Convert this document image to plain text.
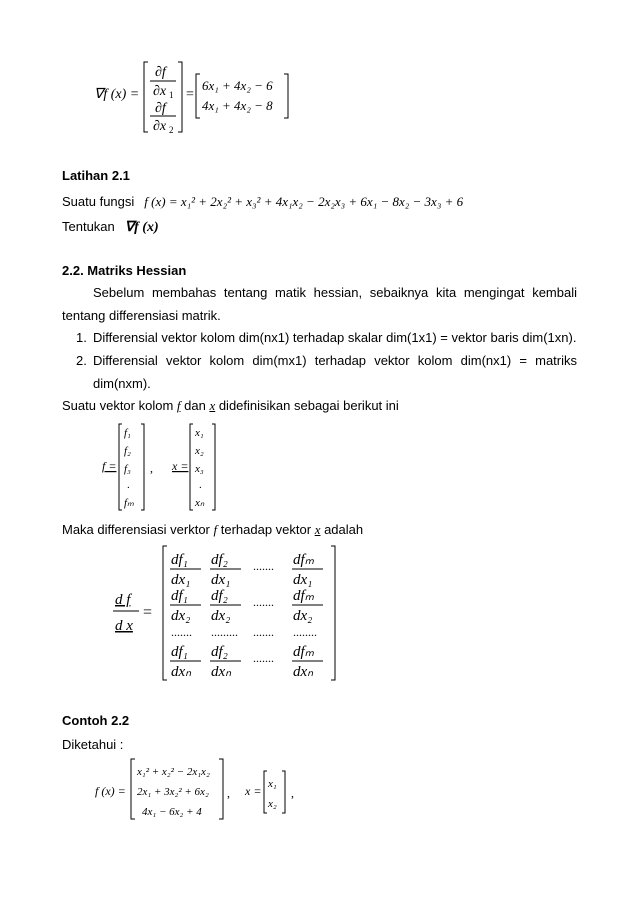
∇f (x) =
∂f
∂x 1
∂f
∂x 2
=
6x₁ + 4x₂ − 6
4x₁ + 4x₂ − 8
Latihan 2.1
Suatu fungsi f (x) = x₁² + 2x₂² + x₃² + 4x₁x₂ − 2x₂x₃ + 6x₁ − 8x₂ − 3x₃ + 6
Tentukan ∇f (x)
2.2. Matriks Hessian
Sebelum membahas tentang matik hessian, sebaiknya kita mengingat kembali
tentang differensiasi matrik.
1. Differensial vektor kolom dim(nx1) terhadap skalar dim(1x1) = vektor baris dim(1xn).
2. Differensial vektor kolom dim(mx1) terhadap vektor kolom dim(nx1) = matriks
dim(nxm).
Suatu vektor kolom f dan x didefinisikan sebagai berikut ini
f =
f₁
f₂
f₃
.
fₘ
, x =
x₁
x₂
x₃
.
xₙ
Maka differensiasi verktor f terhadap vektor x adalah
d f
d x
=
df₁
dx₁
df₂
dx₁
....... dfₘ
dx₁
df₁
dx₂
df₂
dx₂
....... dfₘ
dx₂
....... ......... ....... ........
df₁
dxₙ
df₂
dxₙ
....... dfₘ
dxₙ
Contoh 2.2
Diketahui :
f (x) =
x₁² + x₂² − 2x₁x₂
2x₁ + 3x₂² + 6x₂
4x₁ − 6x₂ + 4
, x = x₁
x₂
,
